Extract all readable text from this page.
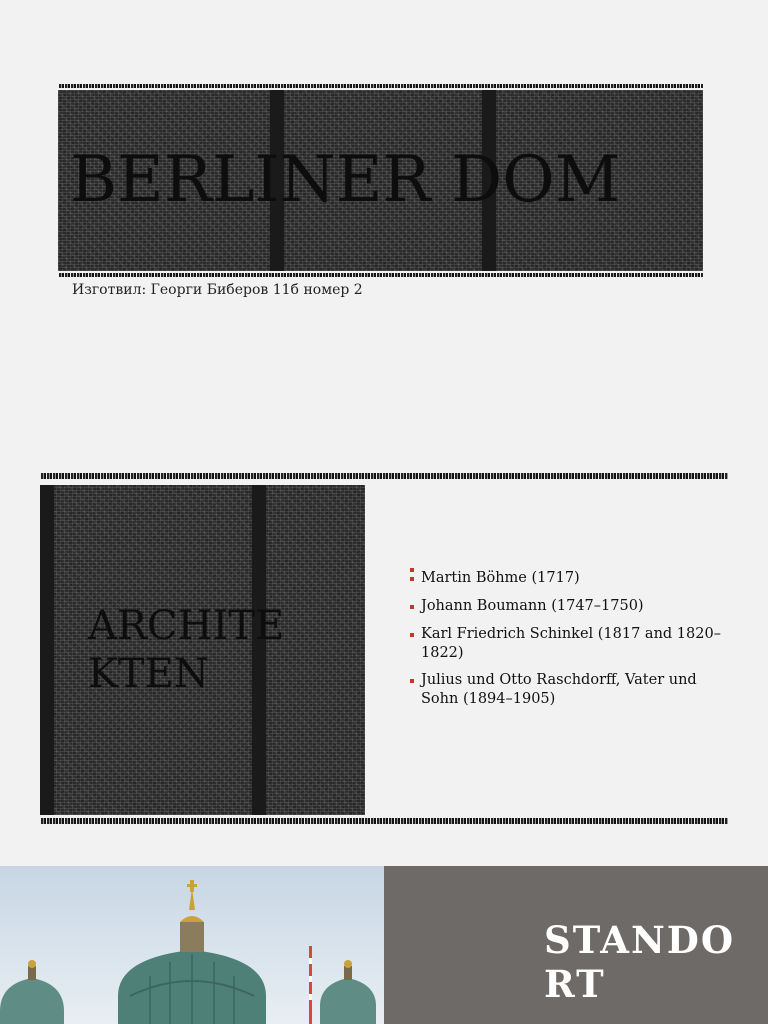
BERLINER DOM
Изготвил: Георги Биберов 11б номер 2
ARCHITE KTEN
Martin Böhme (1717)
Johann Boumann (1747–1750)
Karl Friedrich Schinkel (1817 and 1820–1822)
Julius und Otto Raschdorff, Vater und Sohn (1894–1905)
STANDO RT
